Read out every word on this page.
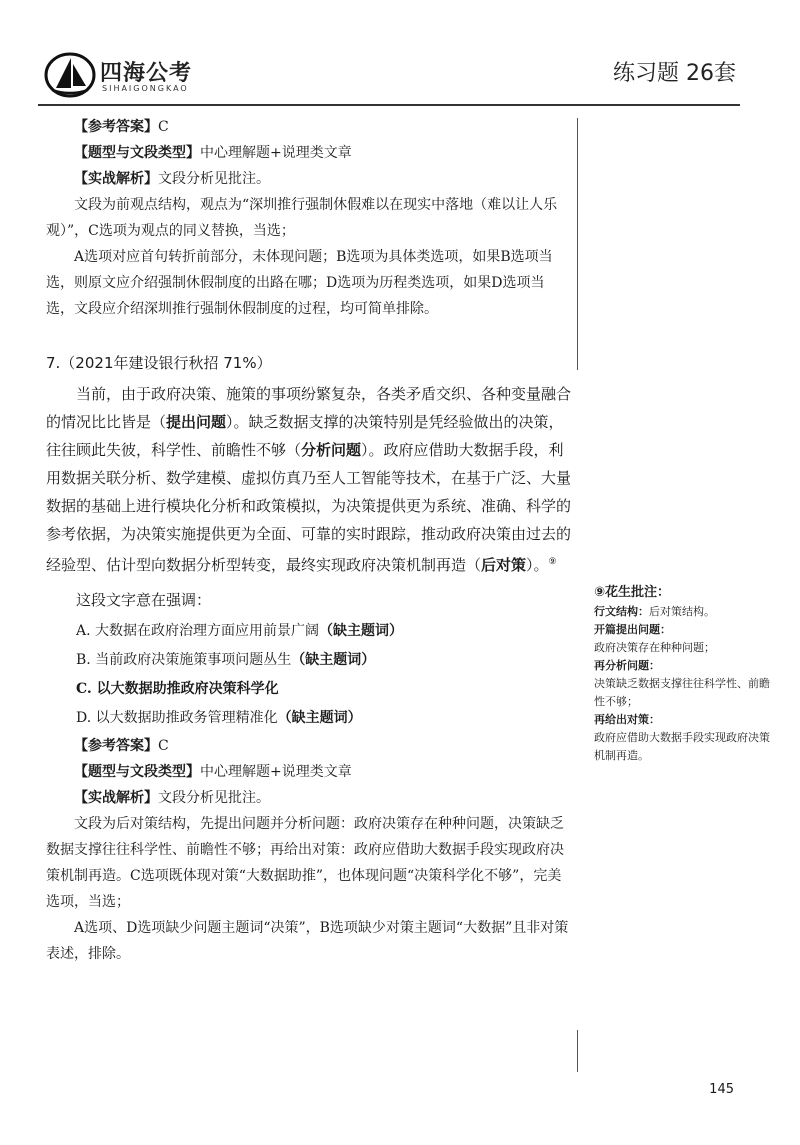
四海公考
SIHAIGONGKAO
练习题 26套

【参考答案】C

【题型与文段类型】中心理解题+说理类文章

【实战解析】文段分析见批注。

文段为前观点结构，观点为“深圳推行强制休假难以在现实中落地（难以让人乐观）”，C选项为观点的同义替换，当选；

A选项对应首句转折前部分，未体现问题；B选项为具体类选项，如果B选项当选，则原文应介绍强制休假制度的出路在哪；D选项为历程类选项，如果D选项当选，文段应介绍深圳推行强制休假制度的过程，均可简单排除。

7.（2021年建设银行秋招 71%）

当前，由于政府决策、施策的事项纷繁复杂，各类矛盾交织、各种变量融合的情况比比皆是（提出问题）。缺乏数据支撑的决策特别是凭经验做出的决策，往往顾此失彼，科学性、前瞻性不够（分析问题）。政府应借助大数据手段，利用数据关联分析、数学建模、虚拟仿真乃至人工智能等技术，在基于广泛、大量数据的基础上进行模块化分析和政策模拟，为决策提供更为系统、准确、科学的参考依据，为决策实施提供更为全面、可靠的实时跟踪，推动政府决策由过去的经验型、估计型向数据分析型转变，最终实现政府决策机制再造（后对策）。⑨

这段文字意在强调：

A. 大数据在政府治理方面应用前景广阔（缺主题词）

B. 当前政府决策施策事项问题丛生（缺主题词）

C. 以大数据助推政府决策科学化

D. 以大数据助推政务管理精准化（缺主题词）

【参考答案】C

【题型与文段类型】中心理解题+说理类文章

【实战解析】文段分析见批注。

文段为后对策结构，先提出问题并分析问题：政府决策存在种种问题，决策缺乏数据支撑往往科学性、前瞻性不够；再给出对策：政府应借助大数据手段实现政府决策机制再造。C选项既体现对策“大数据助推”，也体现问题“决策科学化不够”，完美选项，当选；

A选项、D选项缺少问题主题词“决策”，B选项缺少对策主题词“大数据”且非对策表述，排除。

⑨花生批注：
行文结构：后对策结构。
开篇提出问题：
政府决策存在种种问题；
再分析问题：
决策缺乏数据支撑往往科学性、前瞻性不够；
再给出对策：
政府应借助大数据手段实现政府决策机制再造。
145
